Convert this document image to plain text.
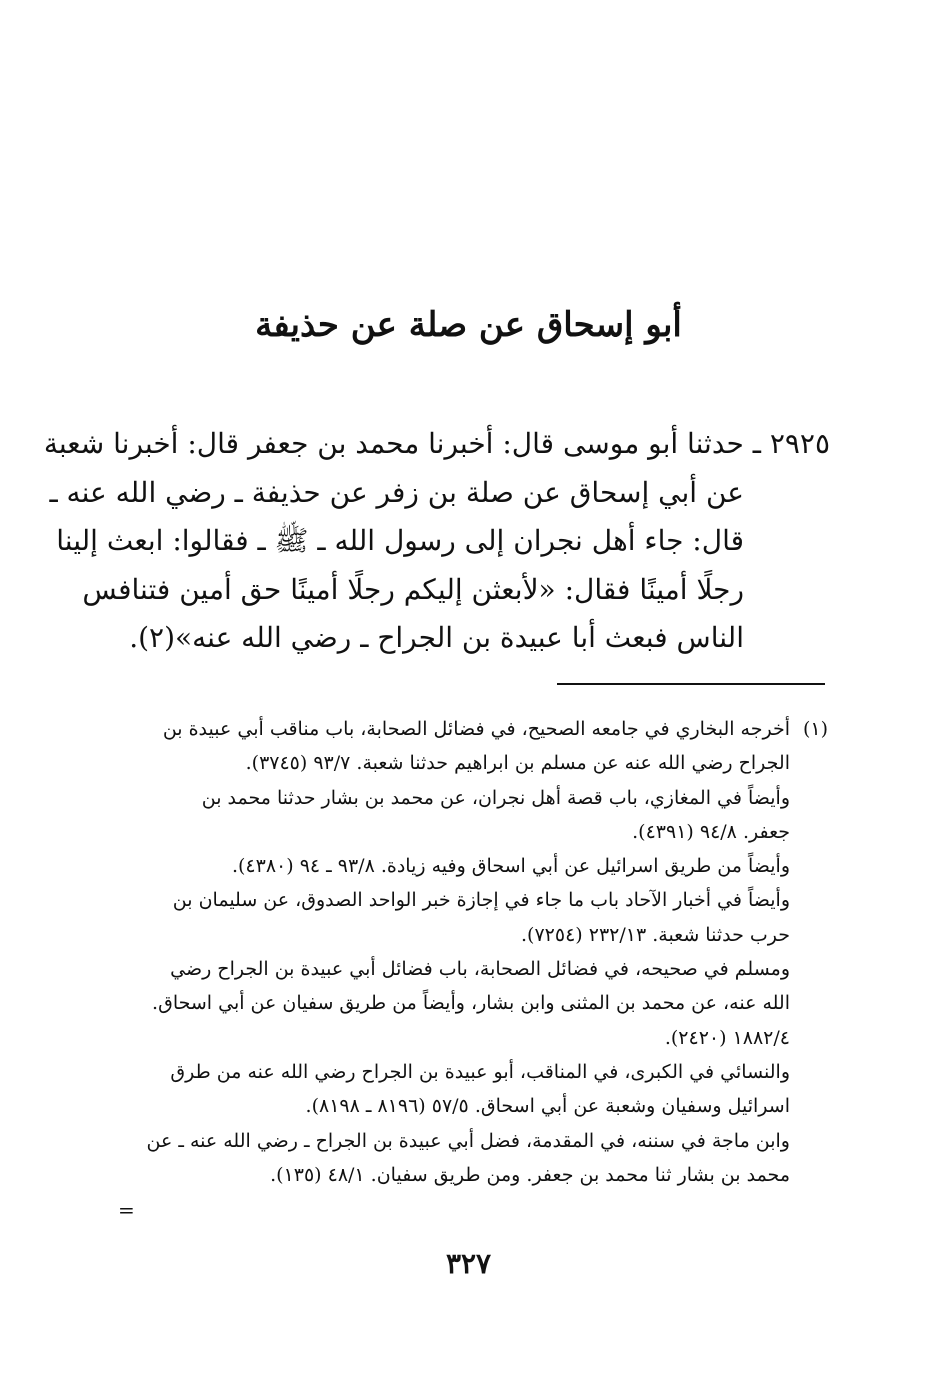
أبو إسحاق عن صلة عن حذيفة
٢٩٢٥ ـ حدثنا أبو موسى قال: أخبرنا محمد بن جعفر قال: أخبرنا شعبة
عن أبي إسحاق عن صلة بن زفر عن حذيفة ـ رضي الله عنه ـ
قال: جاء أهل نجران إلى رسول الله ـ ﷺ ـ فقالوا: ابعث إلينا
رجلًا أمينًا فقال: «لأبعثن إليكم رجلًا أمينًا حق أمين فتنافس
الناس فبعث أبا عبيدة بن الجراح ـ رضي الله عنه»(٢).
(١)أخرجه البخاري في جامعه الصحيح، في فضائل الصحابة، باب مناقب أبي عبيدة بن
الجراح رضي الله عنه عن مسلم بن ابراهيم حدثنا شعبة. ٩٣/٧ (٣٧٤٥).
وأيضاً في المغازي، باب قصة أهل نجران، عن محمد بن بشار حدثنا محمد بن
جعفر. ٩٤/٨ (٤٣٩١).
وأيضاً من طريق اسرائيل عن أبي اسحاق وفيه زيادة. ٩٣/٨ ـ ٩٤ (٤٣٨٠).
وأيضاً في أخبار الآحاد باب ما جاء في إجازة خبر الواحد الصدوق، عن سليمان بن
حرب حدثنا شعبة. ٢٣٢/١٣ (٧٢٥٤).
ومسلم في صحيحه، في فضائل الصحابة، باب فضائل أبي عبيدة بن الجراح رضي
الله عنه، عن محمد بن المثنى وابن بشار، وأيضاً من طريق سفيان عن أبي اسحاق.
١٨٨٢/٤ (٢٤٢٠).
والنسائي في الكبرى، في المناقب، أبو عبيدة بن الجراح رضي الله عنه من طرق
اسرائيل وسفيان وشعبة عن أبي اسحاق. ٥٧/٥ (٨١٩٦ ـ ٨١٩٨).
وابن ماجة في سننه، في المقدمة، فضل أبي عبيدة بن الجراح ـ رضي الله عنه ـ عن
محمد بن بشار ثنا محمد بن جعفر. ومن طريق سفيان. ٤٨/١ (١٣٥).
=
٣٢٧
